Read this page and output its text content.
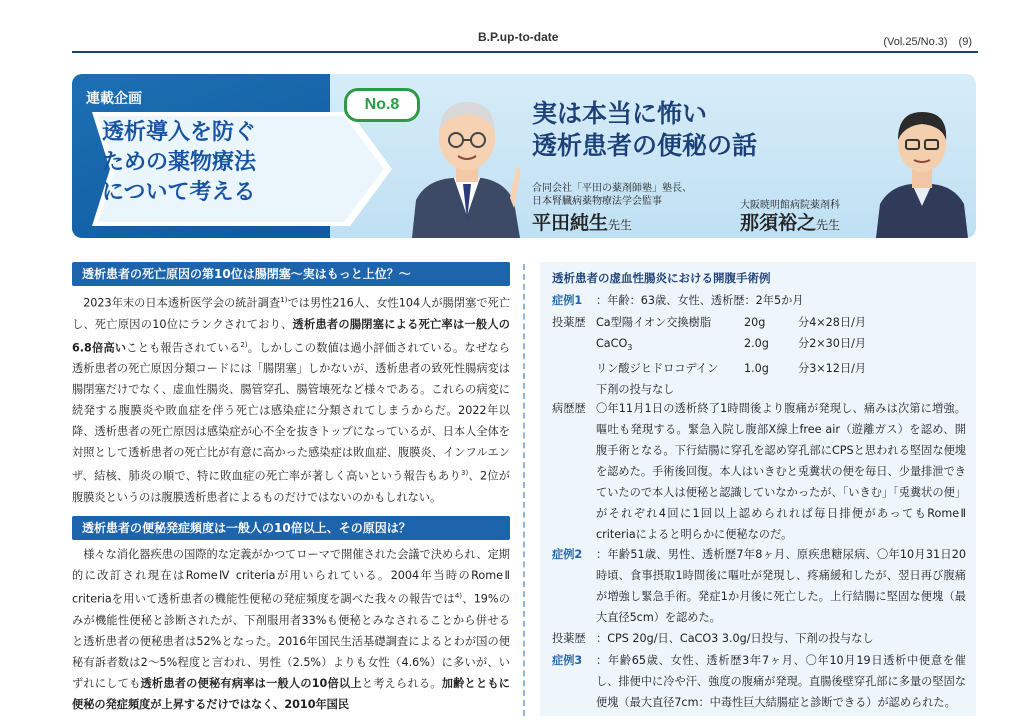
B.P.up-to-date	(Vol.25/No.3)　(9)
連載企画
透析導入を防ぐ
ための薬物療法
について考える
No.8	実は本当に怖い
透析患者の便秘の話
合同会社「平田の薬剤師塾」塾長、
日本腎臓病薬物療法学会監事
平田純生先生
大阪暁明館病院薬剤科
那須裕之先生
透析患者の死亡原因の第10位は腸閉塞～実はもっと上位？～

2023年末の日本透析医学会の統計調査$^{1)}$では男性216人、女性104人が腸閉塞で死亡し、死亡原因の10位にランクされており、透析患者の腸閉塞による死亡率は一般人の6.8倍高いことも報告されている$^{2)}$。しかしこの数値は過小評価されている。なぜなら透析患者の死亡原因分類コードには「腸閉塞」しかないが、透析患者の致死性腸病変は腸閉塞だけでなく、虚血性腸炎、腸管穿孔、腸管壊死など様々である。これらの病変に続発する腹膜炎や敗血症を伴う死亡は感染症に分類されてしまうからだ。2022年以降、透析患者の死亡原因は感染症が心不全を抜きトップになっているが、日本人全体を対照として透析患者の死亡比が有意に高かった感染症は敗血症、腹膜炎、インフルエンザ、結核、肺炎の順で、特に敗血症の死亡率が著しく高いという報告もあり$^{3)}$、2位が腹膜炎というのは腹膜透析患者によるものだけではないのかもしれない。

透析患者の便秘発症頻度は一般人の10倍以上、その原因は？

様々な消化器疾患の国際的な定義がかつてローマで開催された会議で決められ、定期的に改訂され現在はRomeⅣ criteriaが用いられている。2004年当時のRomeⅡ criteriaを用いて透析患者の機能性便秘の発症頻度を調べた我々の報告では$^{4)}$、19%のみが機能性便秘と診断されたが、下剤服用者33%も便秘とみなされることから併せると透析患者の便秘患者は52%となった。2016年国民生活基礎調査によるとわが国の便秘有訴者数は2～5%程度と言われ、男性（2.5%）よりも女性（4.6%）に多いが、いずれにしても透析患者の便秘有病率は一般人の10倍以上と考えられる。加齢とともに便秘の発症頻度が上昇するだけではなく、2010年国民

透析患者の虚血性腸炎における開腹手術例
症例1 ：年齢：63歳、女性、透析歴：2年5か月
投薬歴 Ca型陽イオン交換樹脂	20g	分4×28日/月
CaCO$_3$	2.0g	分2×30日/月
リン酸ジヒドロコデイン 1.0g	分3×12日/月
下剤の投与なし
病歴歴 〇年11月1日の透析終了1時間後より腹痛が発現し、痛みは次第に増強。嘔吐も発現する。緊急入院し腹部X線上free air（遊離ガス）を認め、開腹手術となる。下行結腸に穿孔を認め穿孔部にCPSと思われる堅固な便塊を認めた。手術後回復。本人はいきむと兎糞状の便を毎日、少量排泄できていたので本人は便秘と認識していなかったが、「いきむ」「兎糞状の便」がそれぞれ4回に1回以上認められれば毎日排便があってもRomeⅡ criteriaによると明らかに便秘なのだ。
症例2	：年齢51歳、男性、透析歴7年8ヶ月、原疾患糖尿病、〇年10月31日20時頃、食事摂取1時間後に嘔吐が発現し、疼痛緩和したが、翌日再び腹痛が増強し緊急手術。発症1か月後に死亡した。上行結腸に堅固な便塊（最大直径5cm）を認めた。
投薬歴 ：CPS 20g/日、CaCO3 3.0g/日投与、下剤の投与なし
症例3	：年齢65歳、女性、透析歴3年7ヶ月、〇年10月19日透析中便意を催し、排便中に冷や汗、強度の腹痛が発現。直腸後壁穿孔部に多量の堅固な便塊（最大直径7cm：中毒性巨大結腸症と診断できる）が認められた。
